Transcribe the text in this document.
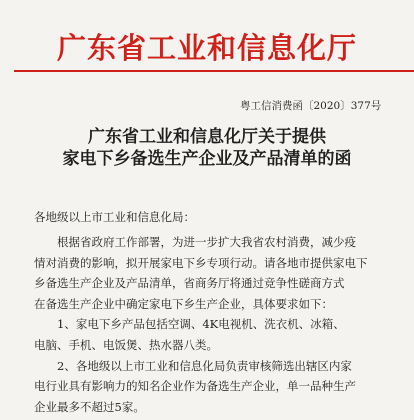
广东省工业和信息化厅
粤工信消费函〔2020〕377号
广东省工业和信息化厅关于提供
家电下乡备选生产企业及产品清单的函
各地级以上市工业和信息化局：
根据省政府工作部署，为进一步扩大我省农村消费，减少疫
情对消费的影响，拟开展家电下乡专项行动。请各地市提供家电下
乡备选生产企业及产品清单，省商务厅将通过竞争性磋商方式
在备选生产企业中确定家电下乡生产企业，具体要求如下：
1、家电下乡产品包括空调、4K电视机、洗衣机、冰箱、
电脑、手机、电饭煲、热水器八类。
2、各地级以上市工业和信息化局负责审核筛选出辖区内家
电行业具有影响力的知名企业作为备选生产企业，单一品种生产
企业最多不超过5家。
